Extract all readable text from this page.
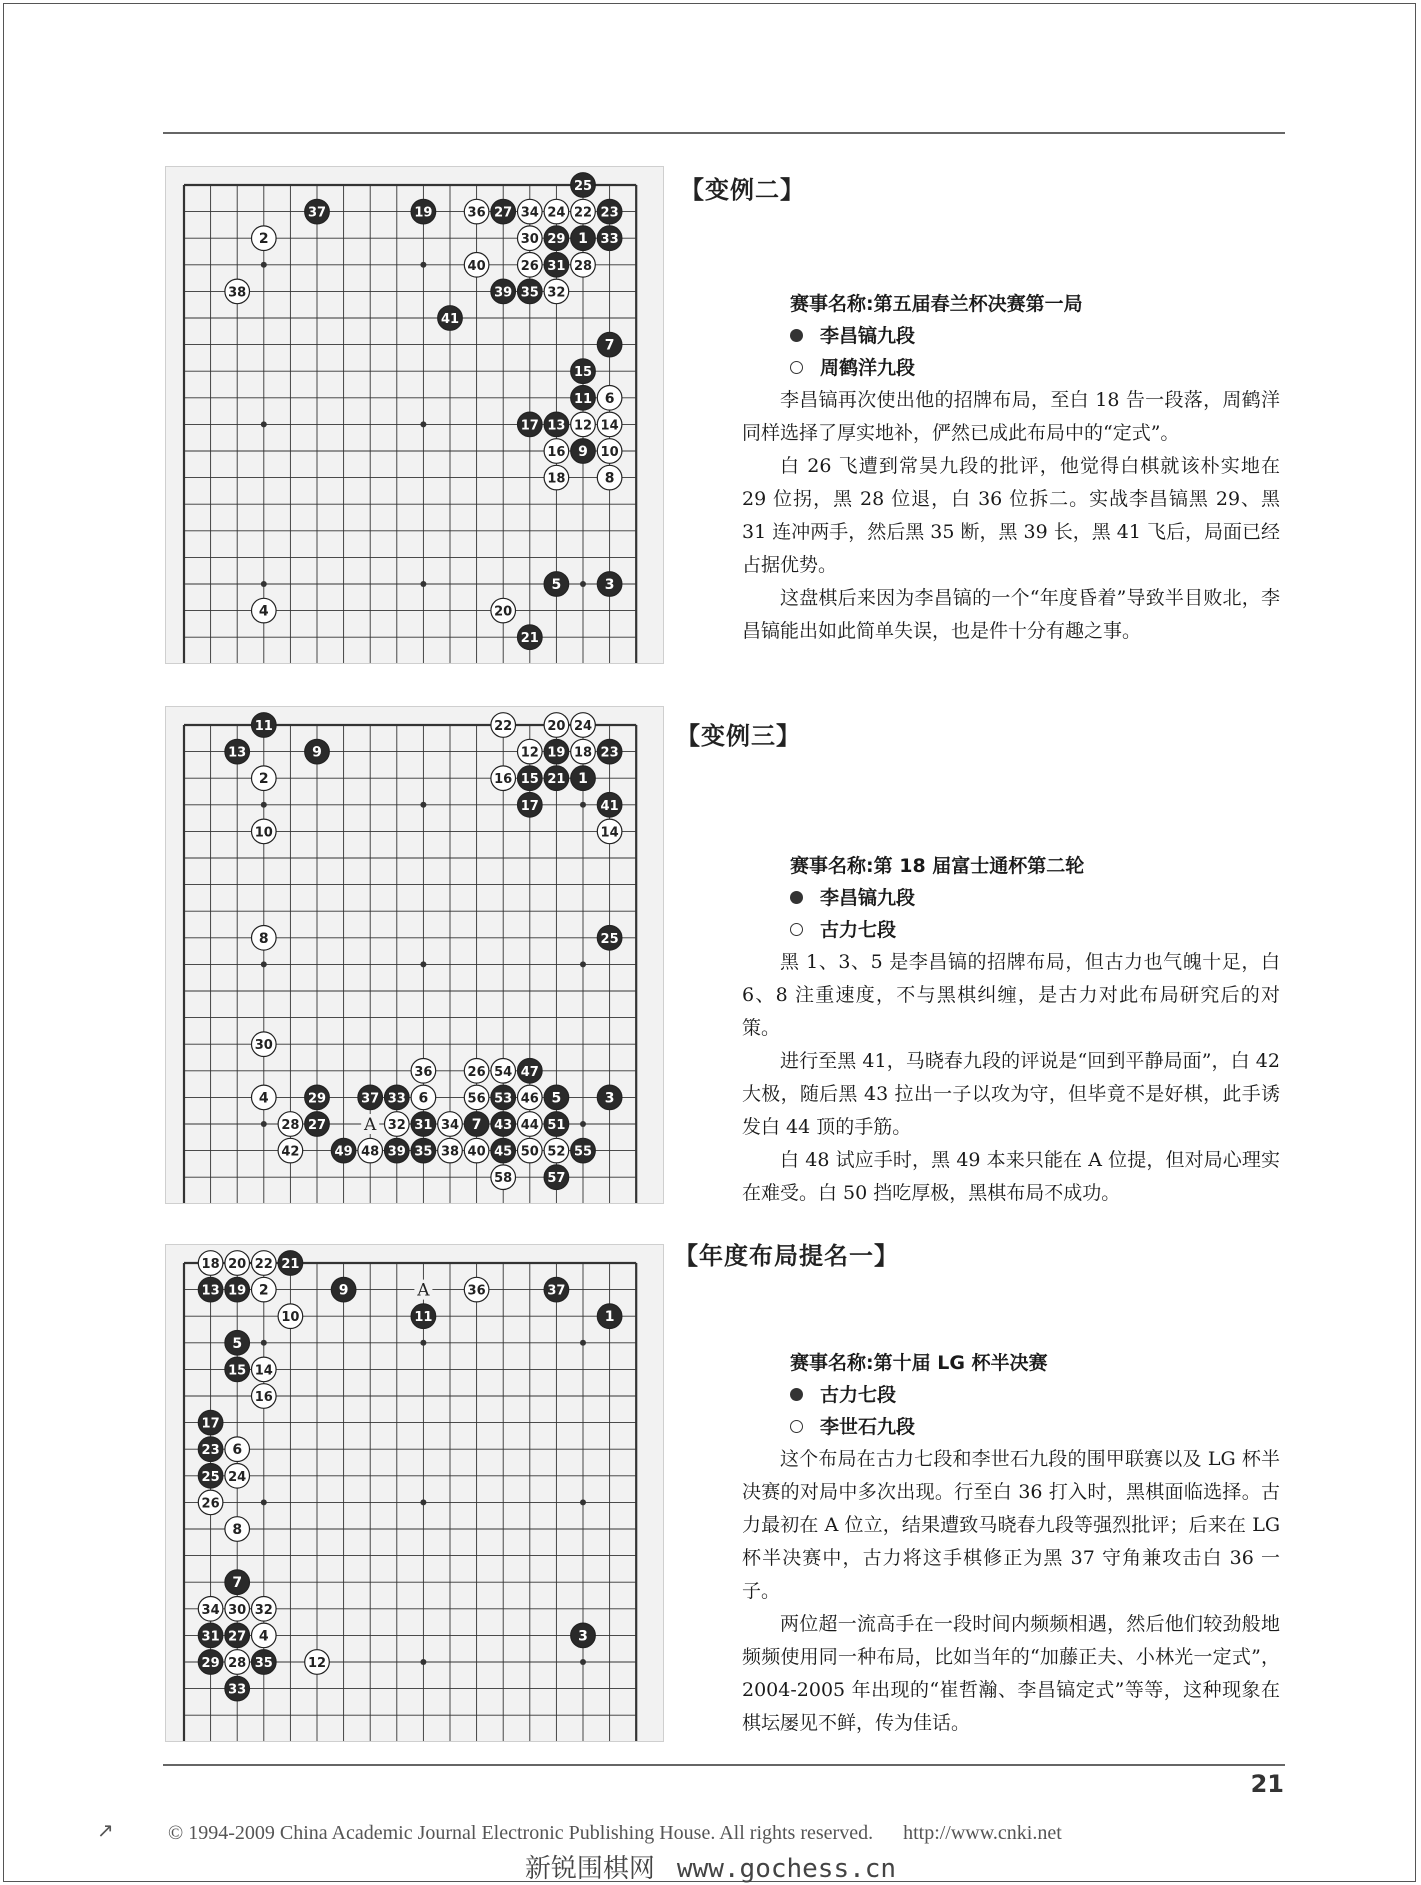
25
37	19	36 27 34 24 22 23
2	30 29 1 33
40	26 31 28
38	39 35 32
41
7
15
11 6
17 13 12 14
16 9 10
18	8
5	3
4	20
21
【变例二】
赛事名称:第五届春兰杯决赛第一局
李昌镐九段
周鹤洋九段

李昌镐再次使出他的招牌布局，至白 18 告一段落，周鹤洋同样选择了厚实地补，俨然已成此布局中的“定式”。

白 26 飞遭到常昊九段的批评，他觉得白棋就该朴实地在 29 位拐，黑 28 位退，白 36 位拆二。实战李昌镐黑 29、黑 31 连冲两手，然后黑 35 断，黑 39 长，黑 41 飞后，局面已经占据优势。

这盘棋后来因为李昌镐的一个“年度昏着”导致半目败北，李昌镐能出如此简单失误，也是件十分有趣之事。

A
11	22	20 24
13	9	12 19 18 23
2	16 15 21 1
17	41
10	14
8	25
30
36	26 54 47
4	29	37 33 6	56 53 46 5	3
28 27	32 31 34 7 43 44 51
42	49 48 39 35 38 40 45 50 52 55
58	57
【变例三】
赛事名称:第 18 届富士通杯第二轮
李昌镐九段
古力七段

黑 1、3、5 是李昌镐的招牌布局，但古力也气魄十足，白 6、8 注重速度，不与黑棋纠缠，是古力对此布局研究后的对策。

进行至黑 41，马晓春九段的评说是“回到平静局面”，白 42 大极，随后黑 43 拉出一子以攻为守，但毕竟不是好棋，此手诱发白 44 顶的手筋。

白 48 试应手时，黑 49 本来只能在 A 位提，但对局心理实在难受。白 50 挡吃厚极，黑棋布局不成功。

A
18 20 22 21
13 19 2	9	36	37
10	11	1
5
15 14
16
17
23 6
25 24
26
8
7
34 30 32
31 27 4	3
29 28 35	12
33
【年度布局提名一】
赛事名称:第十届 LG 杯半决赛
古力七段
李世石九段

这个布局在古力七段和李世石九段的围甲联赛以及 LG 杯半决赛的对局中多次出现。行至白 36 打入时，黑棋面临选择。古力最初在 A 位立，结果遭致马晓春九段等强烈批评；后来在 LG 杯半决赛中，古力将这手棋修正为黑 37 守角兼攻击白 36 一子。

两位超一流高手在一段时间内频频相遇，然后他们较劲般地频频使用同一种布局，比如当年的“加藤正夫、小林光一定式”，2004-2005 年出现的“崔哲瀚、李昌镐定式”等等，这种现象在棋坛屡见不鲜，传为佳话。

21
↗	© 1994-2009 China Academic Journal Electronic Publishing House. All rights reserved. http://www.cnki.net
新锐围棋网 www.gochess.cn
